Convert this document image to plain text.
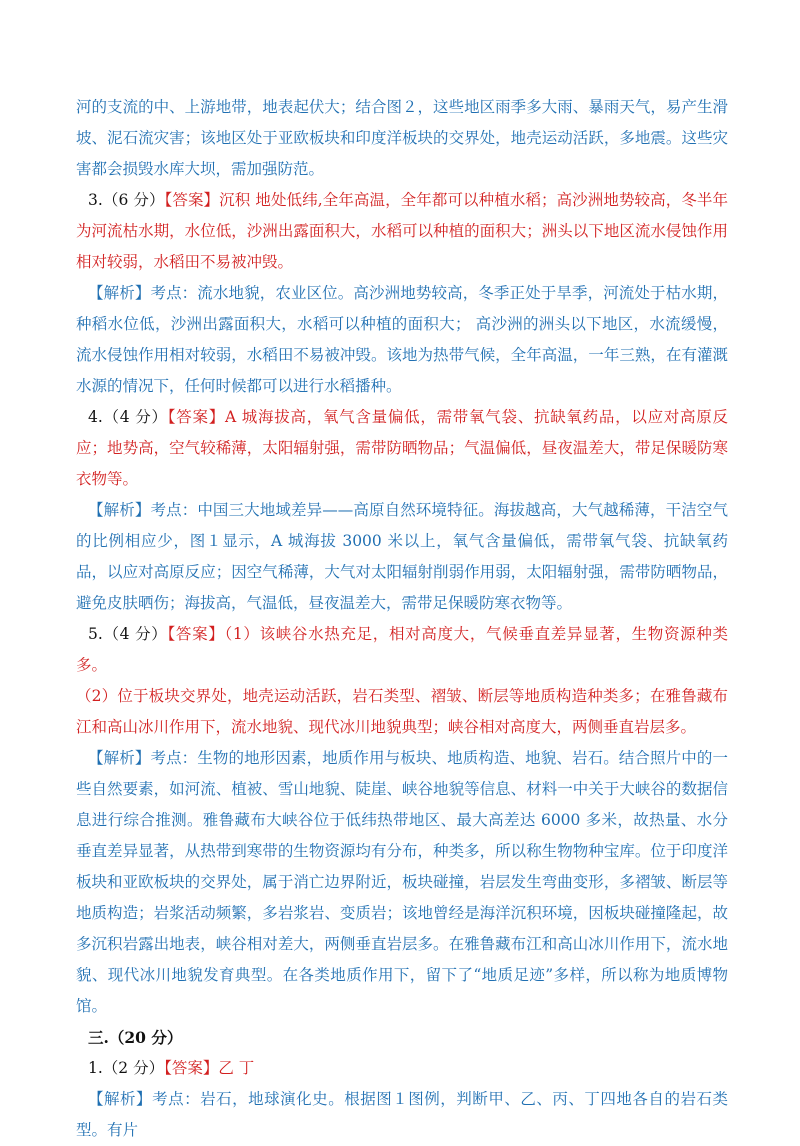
河的支流的中、上游地带，地表起伏大；结合图２，这些地区雨季多大雨、暴雨天气，易产生滑坡、泥石流灾害；该地区处于亚欧板块和印度洋板块的交界处，地壳运动活跃，多地震。这些灾害都会损毁水库大坝，需加强防范。

3.（6 分）【答案】沉积 地处低纬,全年高温，全年都可以种植水稻；高沙洲地势较高，冬半年为河流枯水期，水位低，沙洲出露面积大，水稻可以种植的面积大；洲头以下地区流水侵蚀作用相对较弱，水稻田不易被冲毁。

【解析】考点：流水地貌，农业区位。高沙洲地势较高，冬季正处于旱季，河流处于枯水期，种稻水位低，沙洲出露面积大，水稻可以种植的面积大； 高沙洲的洲头以下地区，水流缓慢，流水侵蚀作用相对较弱，水稻田不易被冲毁。该地为热带气候，全年高温，一年三熟，在有灌溉水源的情况下，任何时候都可以进行水稻播种。

4.（4 分）【答案】A 城海拔高，氧气含量偏低，需带氧气袋、抗缺氧药品，以应对高原反应；地势高，空气较稀薄，太阳辐射强，需带防晒物品；气温偏低，昼夜温差大，带足保暖防寒衣物等。

【解析】考点：中国三大地域差异——高原自然环境特征。海拔越高，大气越稀薄，干洁空气的比例相应少，图１显示，A 城海拔 3000 米以上，氧气含量偏低，需带氧气袋、抗缺氧药品，以应对高原反应；因空气稀薄，大气对太阳辐射削弱作用弱，太阳辐射强，需带防晒物品，避免皮肤晒伤；海拔高，气温低，昼夜温差大，需带足保暖防寒衣物等。

5.（4 分）【答案】（1）该峡谷水热充足，相对高度大，气候垂直差异显著，生物资源种类多。

（2）位于板块交界处，地壳运动活跃，岩石类型、褶皱、断层等地质构造种类多；在雅鲁藏布江和高山冰川作用下，流水地貌、现代冰川地貌典型；峡谷相对高度大，两侧垂直岩层多。

【解析】考点：生物的地形因素，地质作用与板块、地质构造、地貌、岩石。结合照片中的一些自然要素，如河流、植被、雪山地貌、陡崖、峡谷地貌等信息、材料一中关于大峡谷的数据信息进行综合推测。雅鲁藏布大峡谷位于低纬热带地区、最大高差达 6000 多米，故热量、水分垂直差异显著，从热带到寒带的生物资源均有分布，种类多，所以称生物物种宝库。位于印度洋板块和亚欧板块的交界处，属于消亡边界附近，板块碰撞，岩层发生弯曲变形，多褶皱、断层等地质构造；岩浆活动频繁，多岩浆岩、变质岩；该地曾经是海洋沉积环境，因板块碰撞隆起，故多沉积岩露出地表，峡谷相对差大，两侧垂直岩层多。在雅鲁藏布江和高山冰川作用下，流水地貌、现代冰川地貌发育典型。在各类地质作用下，留下了“地质足迹”多样，所以称为地质博物馆。

三.（20 分）

1.（2 分）【答案】乙 丁

【解析】考点：岩石，地球演化史。根据图１图例，判断甲、乙、丙、丁四地各自的岩石类型。有片
